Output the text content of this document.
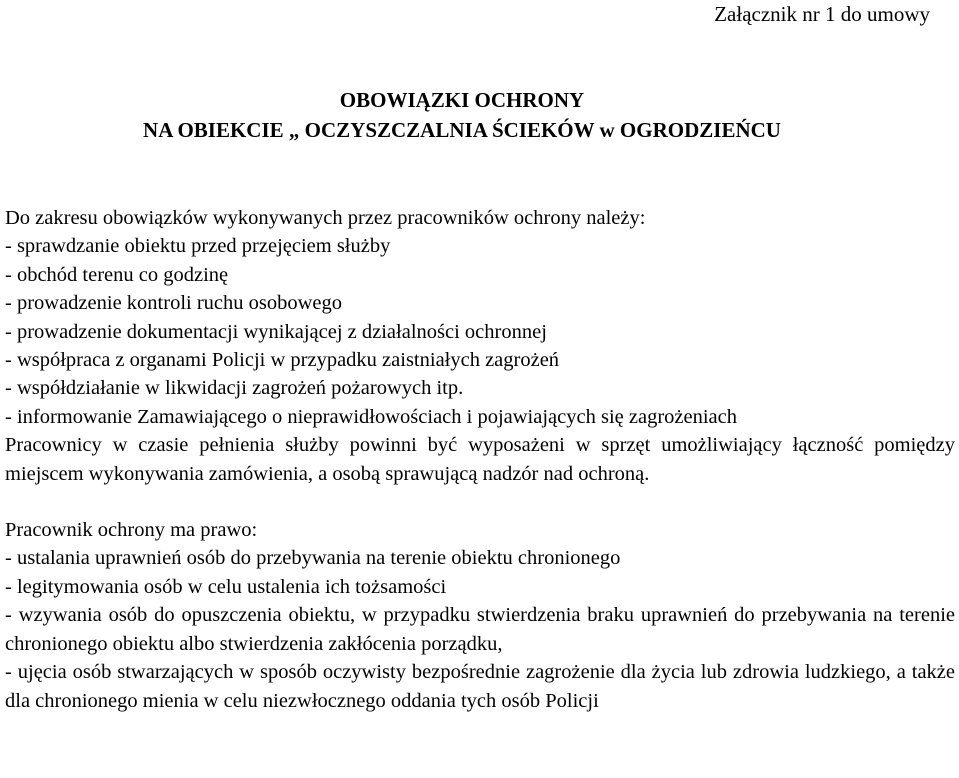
Załącznik nr 1 do umowy
OBOWIĄZKI OCHRONY
NA OBIEKCIE „ OCZYSZCZALNIA ŚCIEKÓW w OGRODZIEŃCU
Do zakresu obowiązków wykonywanych przez pracowników ochrony należy:
- sprawdzanie obiektu przed przejęciem służby
- obchód terenu co godzinę
- prowadzenie kontroli ruchu osobowego
- prowadzenie dokumentacji wynikającej z działalności ochronnej
- współpraca z organami Policji w przypadku zaistniałych zagrożeń
- współdziałanie w likwidacji zagrożeń pożarowych itp.
- informowanie Zamawiającego o nieprawidłowościach i pojawiających się zagrożeniach
Pracownicy w czasie pełnienia służby powinni być wyposażeni w sprzęt umożliwiający łączność pomiędzy miejscem wykonywania zamówienia, a osobą sprawującą nadzór nad ochroną.
Pracownik ochrony ma prawo:
- ustalania uprawnień osób do przebywania na terenie obiektu chronionego
- legitymowania osób w celu ustalenia ich tożsamości
- wzywania osób do opuszczenia obiektu, w przypadku stwierdzenia braku uprawnień do przebywania na terenie chronionego obiektu albo stwierdzenia zakłócenia porządku,
- ujęcia osób stwarzających w sposób oczywisty bezpośrednie zagrożenie dla życia lub zdrowia ludzkiego, a także dla chronionego mienia w celu niezwłocznego oddania tych osób Policji
